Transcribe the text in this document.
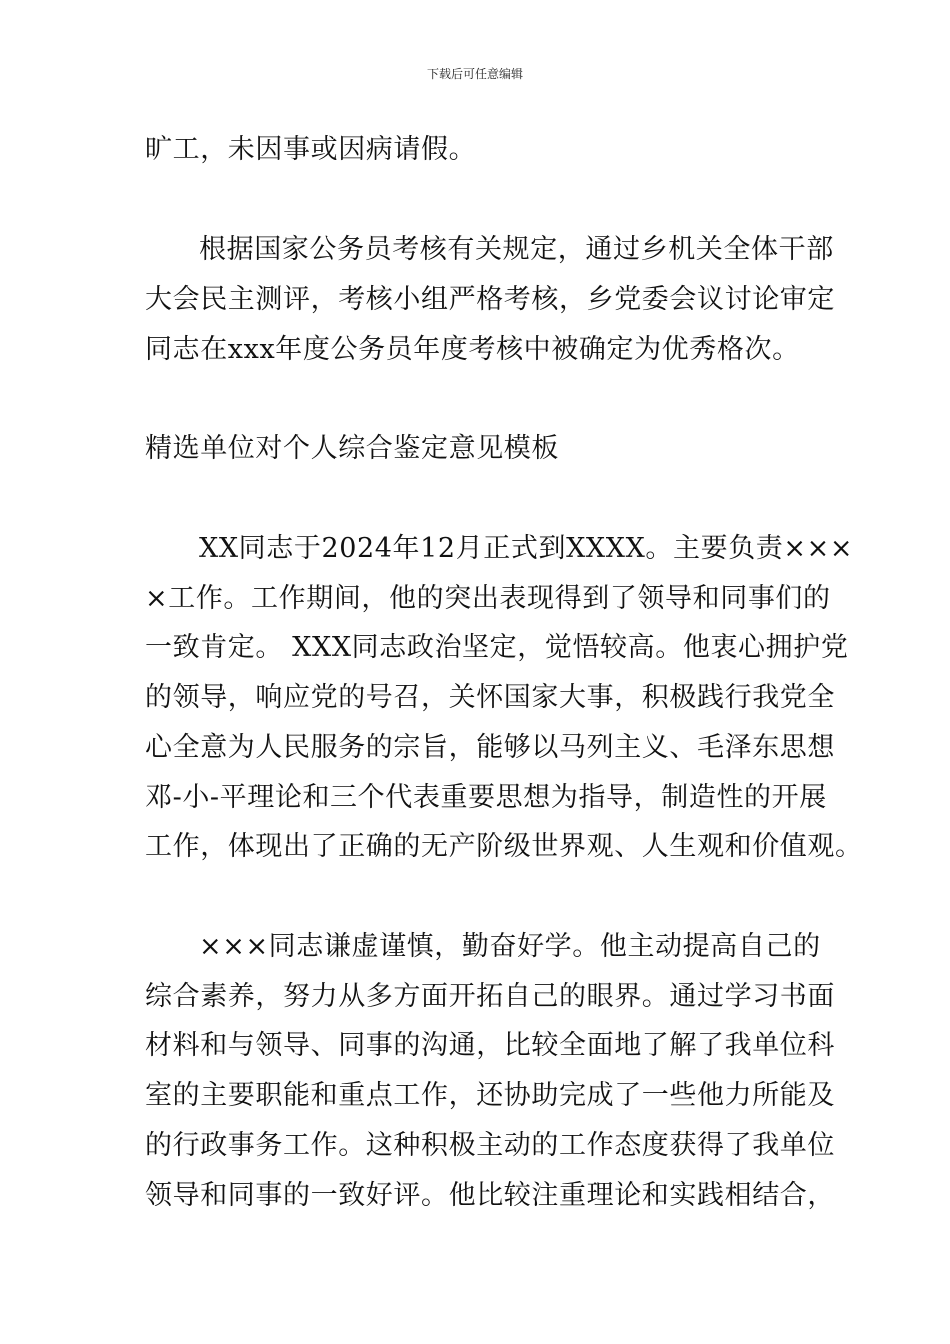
下载后可任意编辑
旷工，未因事或因病请假。
根据国家公务员考核有关规定，通过乡机关全体干部
大会民主测评，考核小组严格考核，乡党委会议讨论审定
同志在xxx年度公务员年度考核中被确定为优秀格次。
精选单位对个人综合鉴定意见模板
XX同志于2024年12月正式到XXXX。主要负责×××
×工作。工作期间，他的突出表现得到了领导和同事们的
一致肯定。 XXX同志政治坚定，觉悟较高。他衷心拥护党
的领导，响应党的号召，关怀国家大事，积极践行我党全
心全意为人民服务的宗旨，能够以马列主义、毛泽东思想
邓-小-平理论和三个代表重要思想为指导，制造性的开展
工作，体现出了正确的无产阶级世界观、人生观和价值观。
×××同志谦虚谨慎，勤奋好学。他主动提高自己的
综合素养，努力从多方面开拓自己的眼界。通过学习书面
材料和与领导、同事的沟通，比较全面地了解了我单位科
室的主要职能和重点工作，还协助完成了一些他力所能及
的行政事务工作。这种积极主动的工作态度获得了我单位
领导和同事的一致好评。他比较注重理论和实践相结合，
